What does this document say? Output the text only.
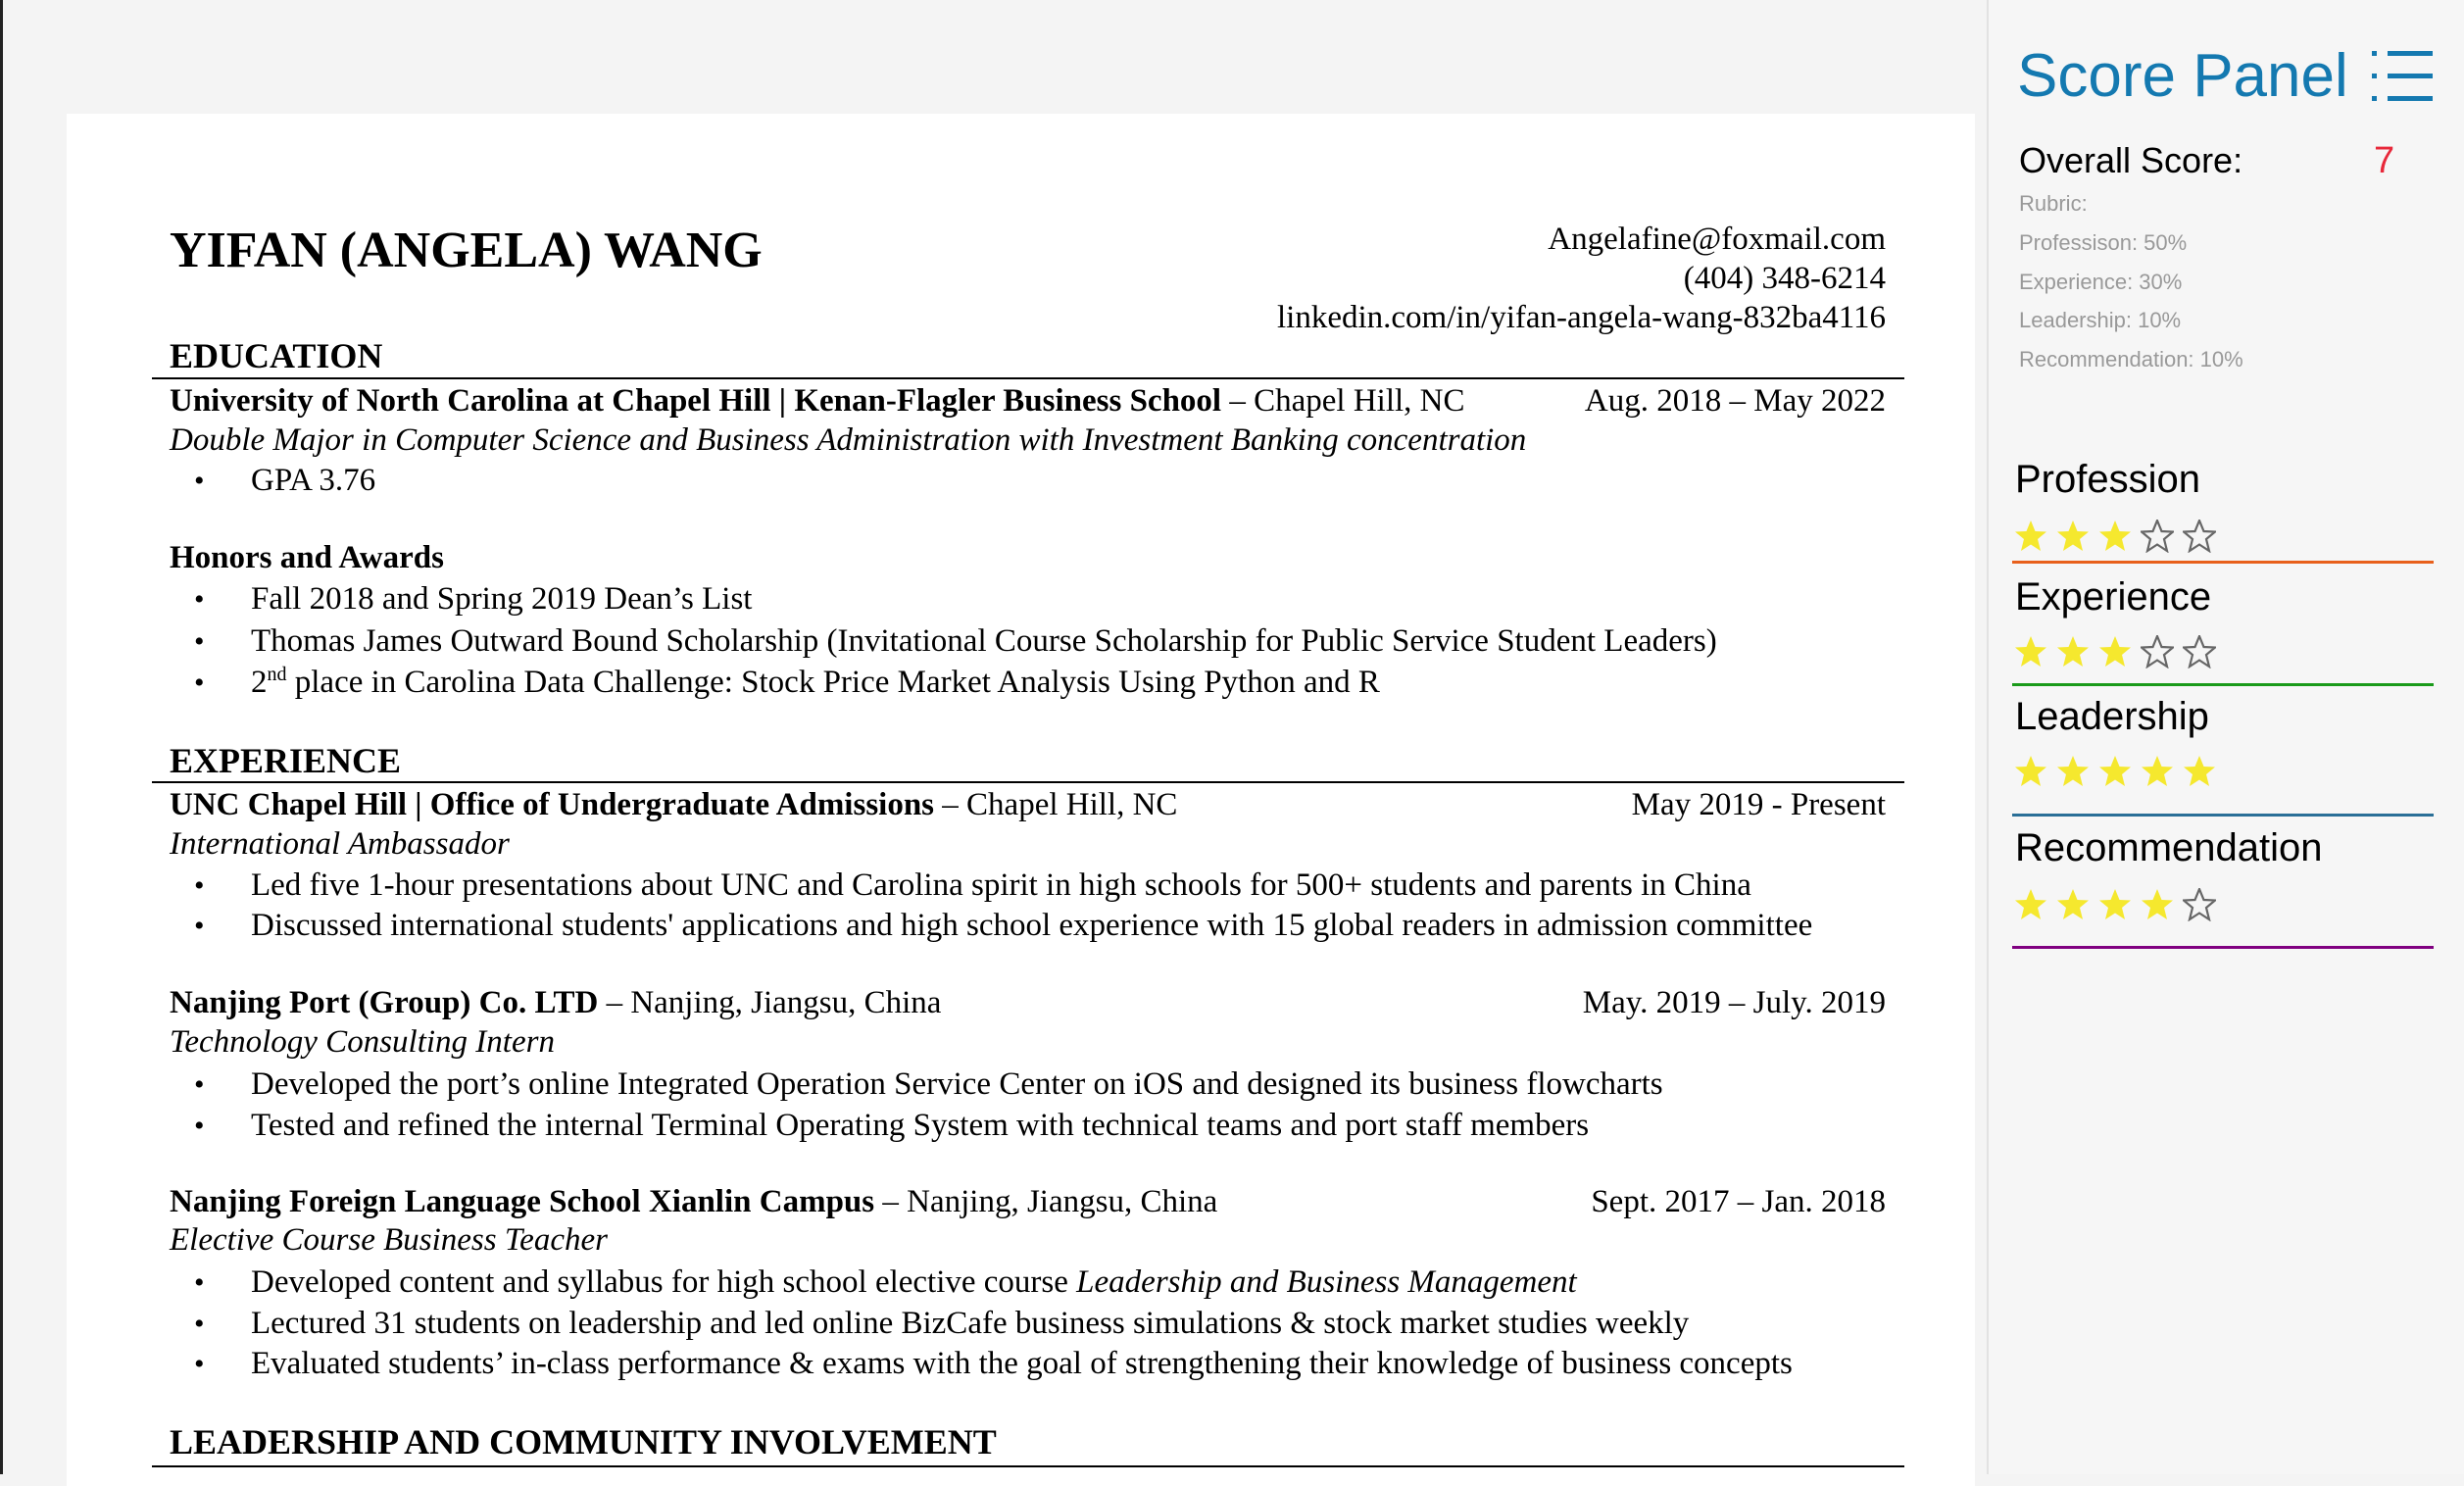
YIFAN (ANGELA) WANG	Angelafine@foxmail.com
(404) 348-6214
linkedin.com/in/yifan-angela-wang-832ba4116
EDUCATION
University of North Carolina at Chapel Hill | Kenan-Flagler Business School – Chapel Hill, NC	Aug. 2018 – May 2022
Double Major in Computer Science and Business Administration with Investment Banking concentration
• GPA 3.76
Honors and Awards
• Fall 2018 and Spring 2019 Dean’s List
• Thomas James Outward Bound Scholarship (Invitational Course Scholarship for Public Service Student Leaders)
• 2nd place in Carolina Data Challenge: Stock Price Market Analysis Using Python and R
EXPERIENCE
UNC Chapel Hill | Office of Undergraduate Admissions – Chapel Hill, NC	May 2019 - Present
International Ambassador
• Led five 1-hour presentations about UNC and Carolina spirit in high schools for 500+ students and parents in China
• Discussed international students' applications and high school experience with 15 global readers in admission committee
Nanjing Port (Group) Co. LTD – Nanjing, Jiangsu, China	May. 2019 – July. 2019
Technology Consulting Intern
• Developed the port’s online Integrated Operation Service Center on iOS and designed its business flowcharts
• Tested and refined the internal Terminal Operating System with technical teams and port staff members
Nanjing Foreign Language School Xianlin Campus – Nanjing, Jiangsu, China	Sept. 2017 – Jan. 2018
Elective Course Business Teacher
• Developed content and syllabus for high school elective course Leadership and Business Management
• Lectured 31 students on leadership and led online BizCafe business simulations & stock market studies weekly
• Evaluated students’ in-class performance & exams with the goal of strengthening their knowledge of business concepts
LEADERSHIP AND COMMUNITY INVOLVEMENT
Score Panel
Overall Score:	7
Rubric:
Professison: 50%
Experience: 30%
Leadership: 10%
Recommendation: 10%
Profession
Experience
Leadership
Recommendation
